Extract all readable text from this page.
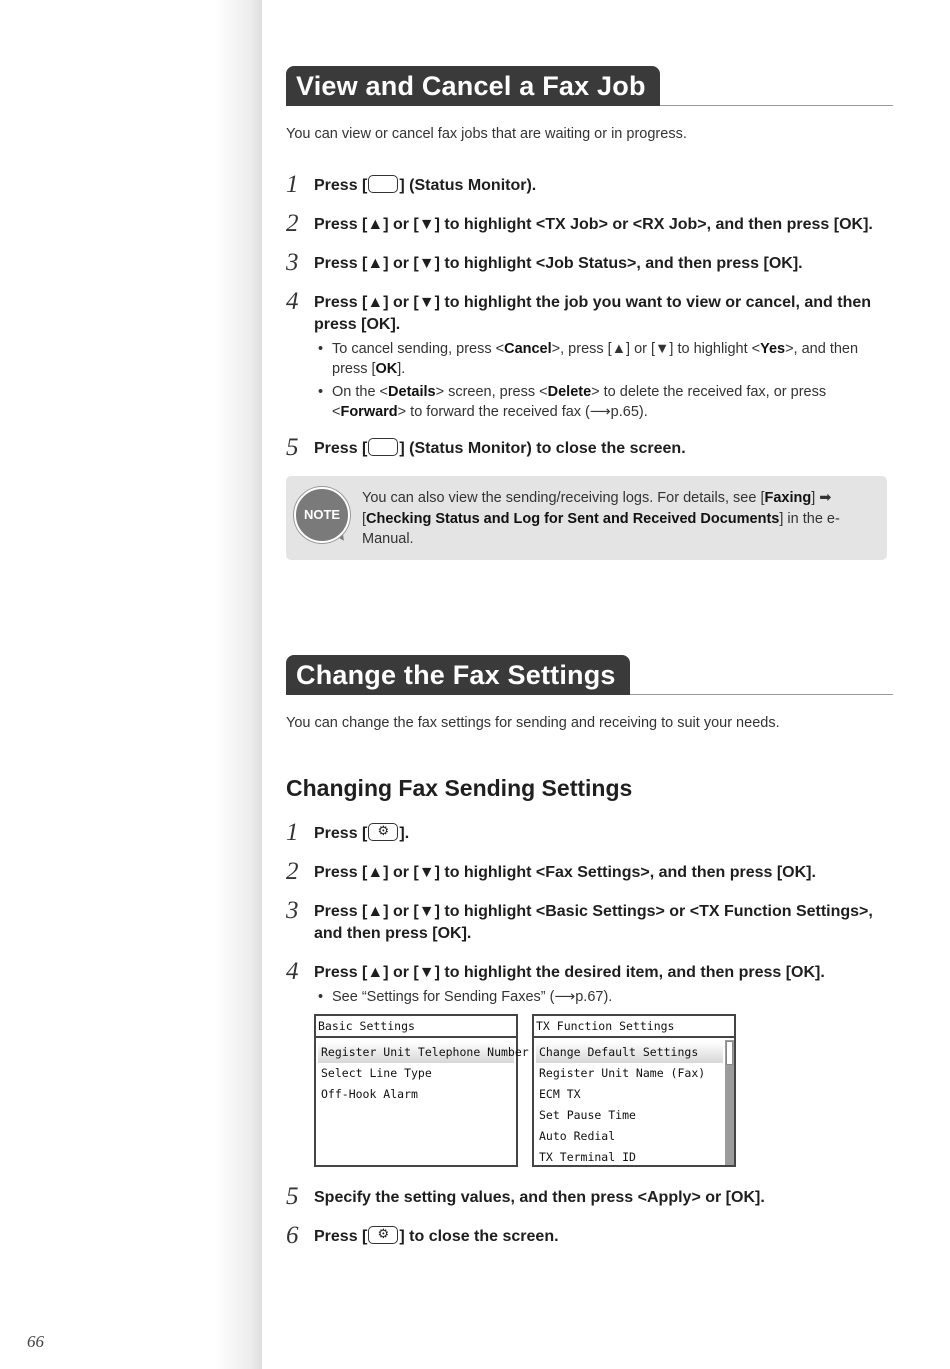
View and Cancel a Fax Job
You can view or cancel fax jobs that are waiting or in progress.
1 Press [ ] (Status Monitor).
2 Press [▲] or [▼] to highlight <TX Job> or <RX Job>, and then press [OK].
3 Press [▲] or [▼] to highlight <Job Status>, and then press [OK].
4 Press [▲] or [▼] to highlight the job you want to view or cancel, and then press [OK].
• To cancel sending, press <Cancel>, press [▲] or [▼] to highlight <Yes>, and then press [OK].
• On the <Details> screen, press <Delete> to delete the received fax, or press <Forward> to forward the received fax (⟶p.65).
5 Press [ ] (Status Monitor) to close the screen.
NOTE
You can also view the sending/receiving logs. For details, see [Faxing] ➡ [Checking Status and Log for Sent and Received Documents] in the e-Manual.
Change the Fax Settings
You can change the fax settings for sending and receiving to suit your needs.
Changing Fax Sending Settings
1 Press [ ⚙ ].
2 Press [▲] or [▼] to highlight <Fax Settings>, and then press [OK].
3 Press [▲] or [▼] to highlight <Basic Settings> or <TX Function Settings>, and then press [OK].
4 Press [▲] or [▼] to highlight the desired item, and then press [OK].
• See “Settings for Sending Faxes” (⟶p.67).
Basic Settings
Register Unit Telephone Number
Select Line Type
Off-Hook Alarm
TX Function Settings
Change Default Settings
Register Unit Name (Fax)
ECM TX
Set Pause Time
Auto Redial
TX Terminal ID
5 Specify the setting values, and then press <Apply> or [OK].
6 Press [ ⚙ ] to close the screen.
66
